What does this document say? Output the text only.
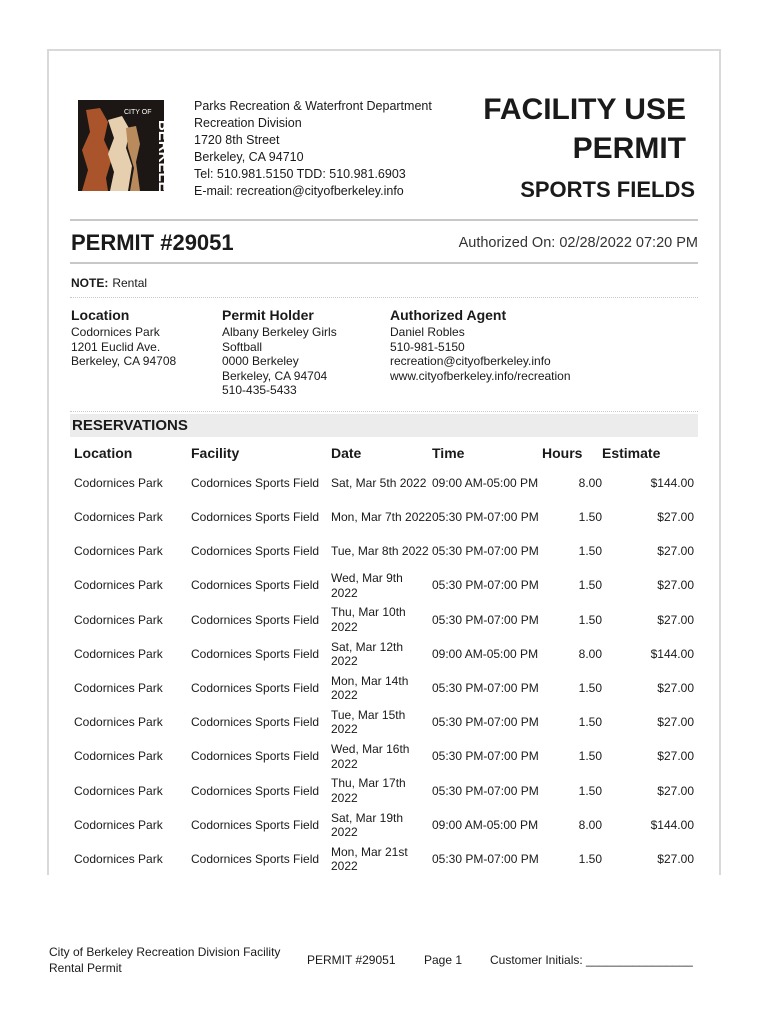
CITY OF
BERKELEY
Parks Recreation & Waterfront Department
Recreation Division
1720 8th Street
Berkeley, CA 94710
Tel: 510.981.5150 TDD: 510.981.6903
E-mail: recreation@cityofberkeley.info
FACILITY USE
PERMIT
SPORTS FIELDS
PERMIT #29051	Authorized On: 02/28/2022 07:20 PM
NOTE: Rental
Location
Codornices Park
1201 Euclid Ave.
Berkeley, CA 94708
Permit Holder
Albany Berkeley Girls
Softball
0000 Berkeley
Berkeley, CA 94704
510-435-5433
Authorized Agent
Daniel Robles
510-981-5150
recreation@cityofberkeley.info
www.cityofberkeley.info/recreation
RESERVATIONS
Location	Facility	Date	Time	Hours	Estimate
Codornices Park	Codornices Sports Field	Sat, Mar 5th 2022	09:00 AM-05:00 PM	8.00	$144.00
Codornices Park	Codornices Sports Field	Mon, Mar 7th 2022	05:30 PM-07:00 PM	1.50	$27.00
Codornices Park	Codornices Sports Field	Tue, Mar 8th 2022	05:30 PM-07:00 PM	1.50	$27.00
Codornices Park	Codornices Sports Field	Wed, Mar 9th 2022	05:30 PM-07:00 PM	1.50	$27.00
Codornices Park	Codornices Sports Field	Thu, Mar 10th 2022	05:30 PM-07:00 PM	1.50	$27.00
Codornices Park	Codornices Sports Field	Sat, Mar 12th 2022	09:00 AM-05:00 PM	8.00	$144.00
Codornices Park	Codornices Sports Field	Mon, Mar 14th 2022	05:30 PM-07:00 PM	1.50	$27.00
Codornices Park	Codornices Sports Field	Tue, Mar 15th 2022	05:30 PM-07:00 PM	1.50	$27.00
Codornices Park	Codornices Sports Field	Wed, Mar 16th 2022	05:30 PM-07:00 PM	1.50	$27.00
Codornices Park	Codornices Sports Field	Thu, Mar 17th 2022	05:30 PM-07:00 PM	1.50	$27.00
Codornices Park	Codornices Sports Field	Sat, Mar 19th 2022	09:00 AM-05:00 PM	8.00	$144.00
Codornices Park	Codornices Sports Field	Mon, Mar 21st 2022	05:30 PM-07:00 PM	1.50	$27.00
City of Berkeley Recreation Division Facility
Rental Permit
PERMIT #29051 Page 1 Customer Initials: ________________
